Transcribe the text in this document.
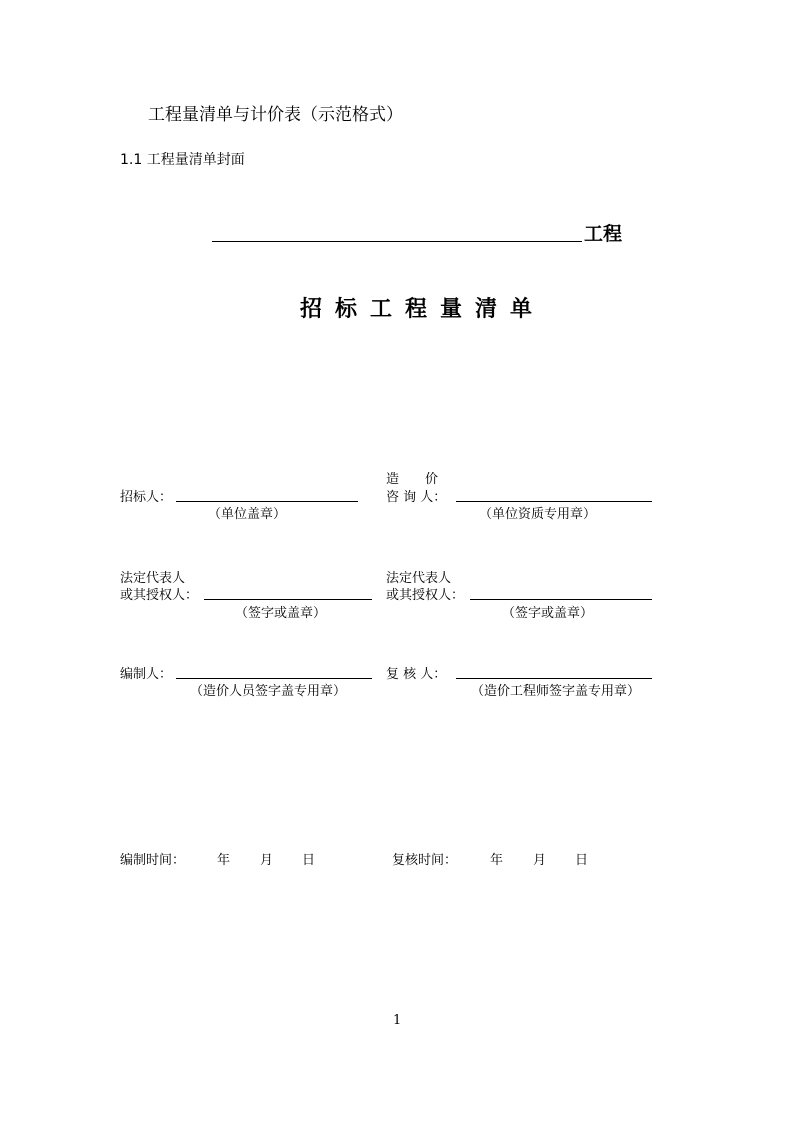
工程量清单与计价表（示范格式）
1.1 工程量清单封面
工程
招标工程量清单
招标人：
（单位盖章）
造　　价
咨 询 人：
（单位资质专用章）
法定代表人
或其授权人：
（签字或盖章）
法定代表人
或其授权人：
（签字或盖章）
编制人：
（造价人员签字盖专用章）
复 核 人：
（造价工程师签字盖专用章）
编制时间： 年 月 日	复核时间：	年 月 日
1
